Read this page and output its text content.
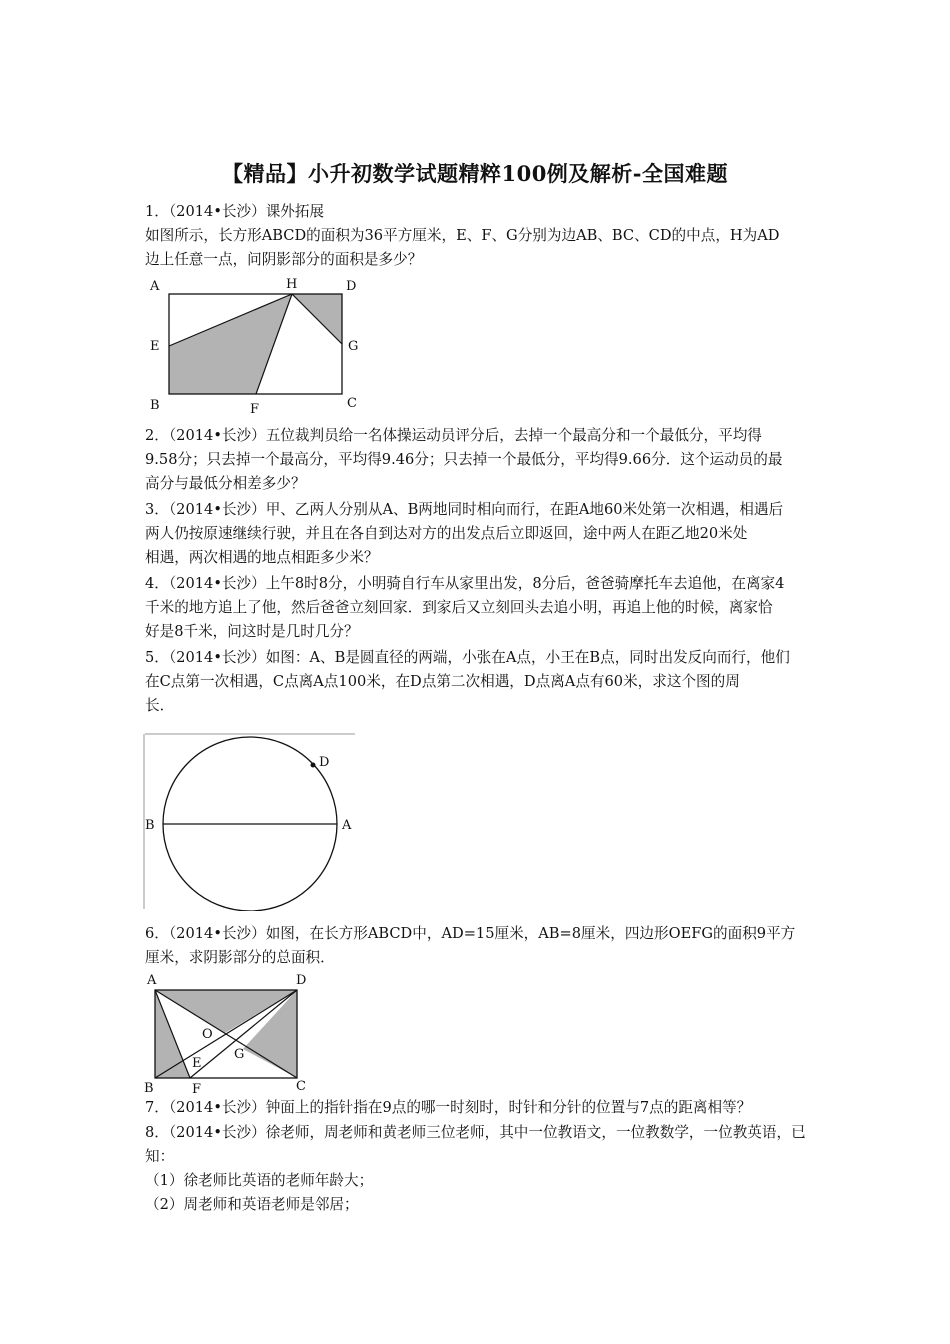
【精品】小升初数学试题精粹100例及解析-全国难题
1．（2014•长沙）课外拓展
如图所示，长方形ABCD的面积为36平方厘米，E、F、G分别为边AB、BC、CD的中点，H为AD
边上任意一点，问阴影部分的面积是多少？
A	H	D
E	G
B	F	C
2．（2014•长沙）五位裁判员给一名体操运动员评分后，去掉一个最高分和一个最低分，平均得
9.58分；只去掉一个最高分，平均得9.46分；只去掉一个最低分，平均得9.66分．这个运动员的最
高分与最低分相差多少？
3．（2014•长沙）甲、乙两人分别从A、B两地同时相向而行，在距A地60米处第一次相遇，相遇后
两人仍按原速继续行驶，并且在各自到达对方的出发点后立即返回，途中两人在距乙地20米处
相遇，两次相遇的地点相距多少米？
4．（2014•长沙）上午8时8分，小明骑自行车从家里出发，8分后，爸爸骑摩托车去追他，在离家4
千米的地方追上了他，然后爸爸立刻回家．到家后又立刻回头去追小明，再追上他的时候，离家恰
好是8千米，问这时是几时几分？
5．（2014•长沙）如图：A、B是圆直径的两端，小张在A点，小王在B点，同时出发反向而行，他们
在C点第一次相遇，C点离A点100米，在D点第二次相遇，D点离A点有60米，求这个图的周
长．
B	A
D
6．（2014•长沙）如图，在长方形ABCD中，AD=15厘米，AB=8厘米，四边形OEFG的面积9平方
厘米，求阴影部分的总面积．
A	D
O
G
E
B	F	C
7．（2014•长沙）钟面上的指针指在9点的哪一时刻时，时针和分针的位置与7点的距离相等？
8．（2014•长沙）徐老师，周老师和黄老师三位老师，其中一位教语文，一位教数学，一位教英语，已
知：
（1）徐老师比英语的老师年龄大；
（2）周老师和英语老师是邻居；
